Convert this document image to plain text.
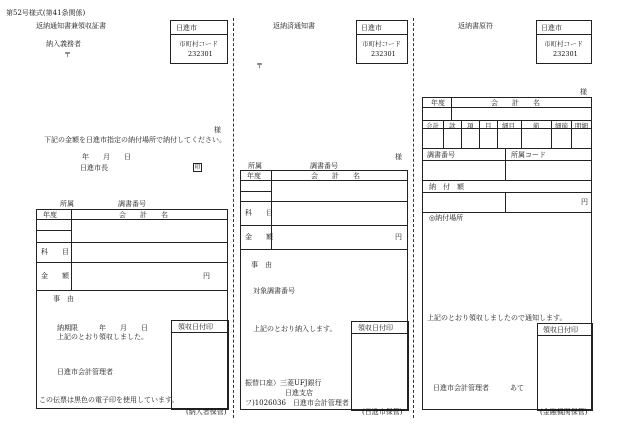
第52号様式(第41条関係)
返納通知書兼領収証書	日進市
市町村コード
232301
納入義務者
〒
様
下記の金額を日進市指定の納付場所で納付してください。
年　　月　　日
日進市長	印
所属	調書番号
年度	会　　計　　名
科　　目
金　　額	円
事　由
納期限　　　年　　月　　日
上記のとおり領収しました。
日進市会計管理者
この伝票は黒色の電子印を使用しています。
領収日付印
(納入者保管)
返納済通知書	日進市
市町村コード
232301
〒
様
所属	調書番号
年度	会　　計　　名
科　　目
金　　額	円
事　由
対象調書番号
上記のとおり納入します。
振替口座）三菱UFJ銀行
日進支店
フ)1026036　日進市会計管理者
領収日付印
(日進市保管)
返納書原符	日進市
市町村コード
232301
様
年度	会　　計　　名
会計 款 項 目 細目	節 細節 明細
調書番号	所属コード
納　付　額
円
◎納付場所
上記のとおり領収しましたので通知します。
日進市会計管理者　　　あて
領収日付印
(金融機関保管)
